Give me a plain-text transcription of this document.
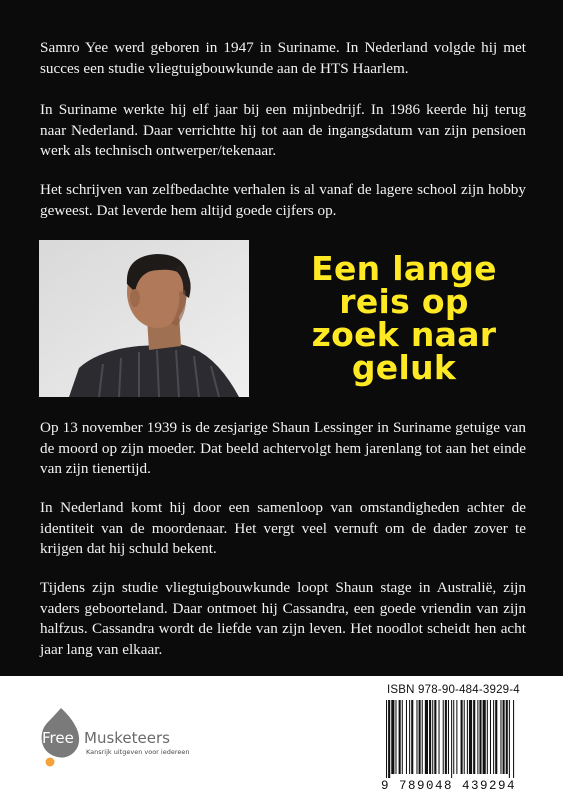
Samro Yee werd geboren in 1947 in Suriname. In Nederland volgde hij met succes een studie vliegtuigbouwkunde aan de HTS Haarlem.

In Suriname werkte hij elf jaar bij een mijnbedrijf. In 1986 keerde hij terug naar Nederland. Daar verrichtte hij tot aan de ingangsdatum van zijn pensioen werk als technisch ontwerper/tekenaar.

Het schrijven van zelfbedachte verhalen is al vanaf de lagere school zijn hobby geweest. Dat leverde hem altijd goede cijfers op.

Een lange
reis op
zoek naar
geluk

Op 13 november 1939 is de zesjarige Shaun Lessinger in Suriname getuige van de moord op zijn moeder. Dat beeld achtervolgt hem jarenlang tot aan het einde van zijn tienertijd.

In Nederland komt hij door een samenloop van omstandigheden achter de identiteit van de moordenaar. Het vergt veel vernuft om de dader zover te krijgen dat hij schuld bekent.

Tijdens zijn studie vliegtuigbouwkunde loopt Shaun stage in Australië, zijn vaders geboorteland. Daar ontmoet hij Cassandra, een goede vriendin van zijn halfzus. Cassandra wordt de liefde van zijn leven. Het noodlot scheidt hen acht jaar lang van elkaar.

Free Musketeers
Kansrijk uitgeven voor iedereen
ISBN 978-90-484-3929-4
9 789048 439294
